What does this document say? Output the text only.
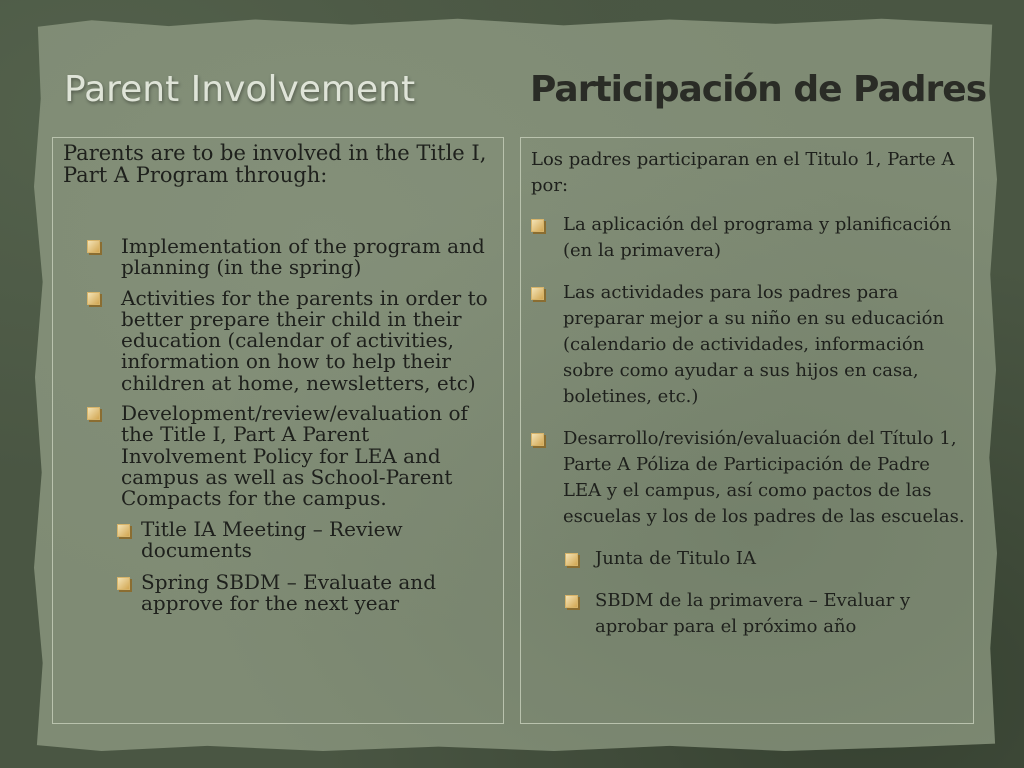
Parent Involvement	Participación de Padres

Parents are to be involved in the Title I, Part A Program through:

Implementation of the program and planning (in the spring)
Activities for the parents in order to better prepare their child in their education (calendar of activities, information on how to help their children at home, newsletters, etc)
Development/review/evaluation of the Title I, Part A Parent Involvement Policy for LEA and campus as well as School-Parent Compacts for the campus.
Title IA Meeting – Review documents
Spring SBDM – Evaluate and approve for the next year

Los padres participaran en el Titulo 1, Parte A por:

La aplicación del programa y planificación (en la primavera)
Las actividades para los padres para preparar mejor a su niño en su educación (calendario de actividades, información sobre como ayudar a sus hijos en casa, boletines, etc.)
Desarrollo/revisión/evaluación del Título 1, Parte A Póliza de Participación de Padre LEA y el campus, así como pactos de las escuelas y los de los padres de las escuelas.
Junta de Titulo IA
SBDM de la primavera – Evaluar y aprobar para el próximo año
